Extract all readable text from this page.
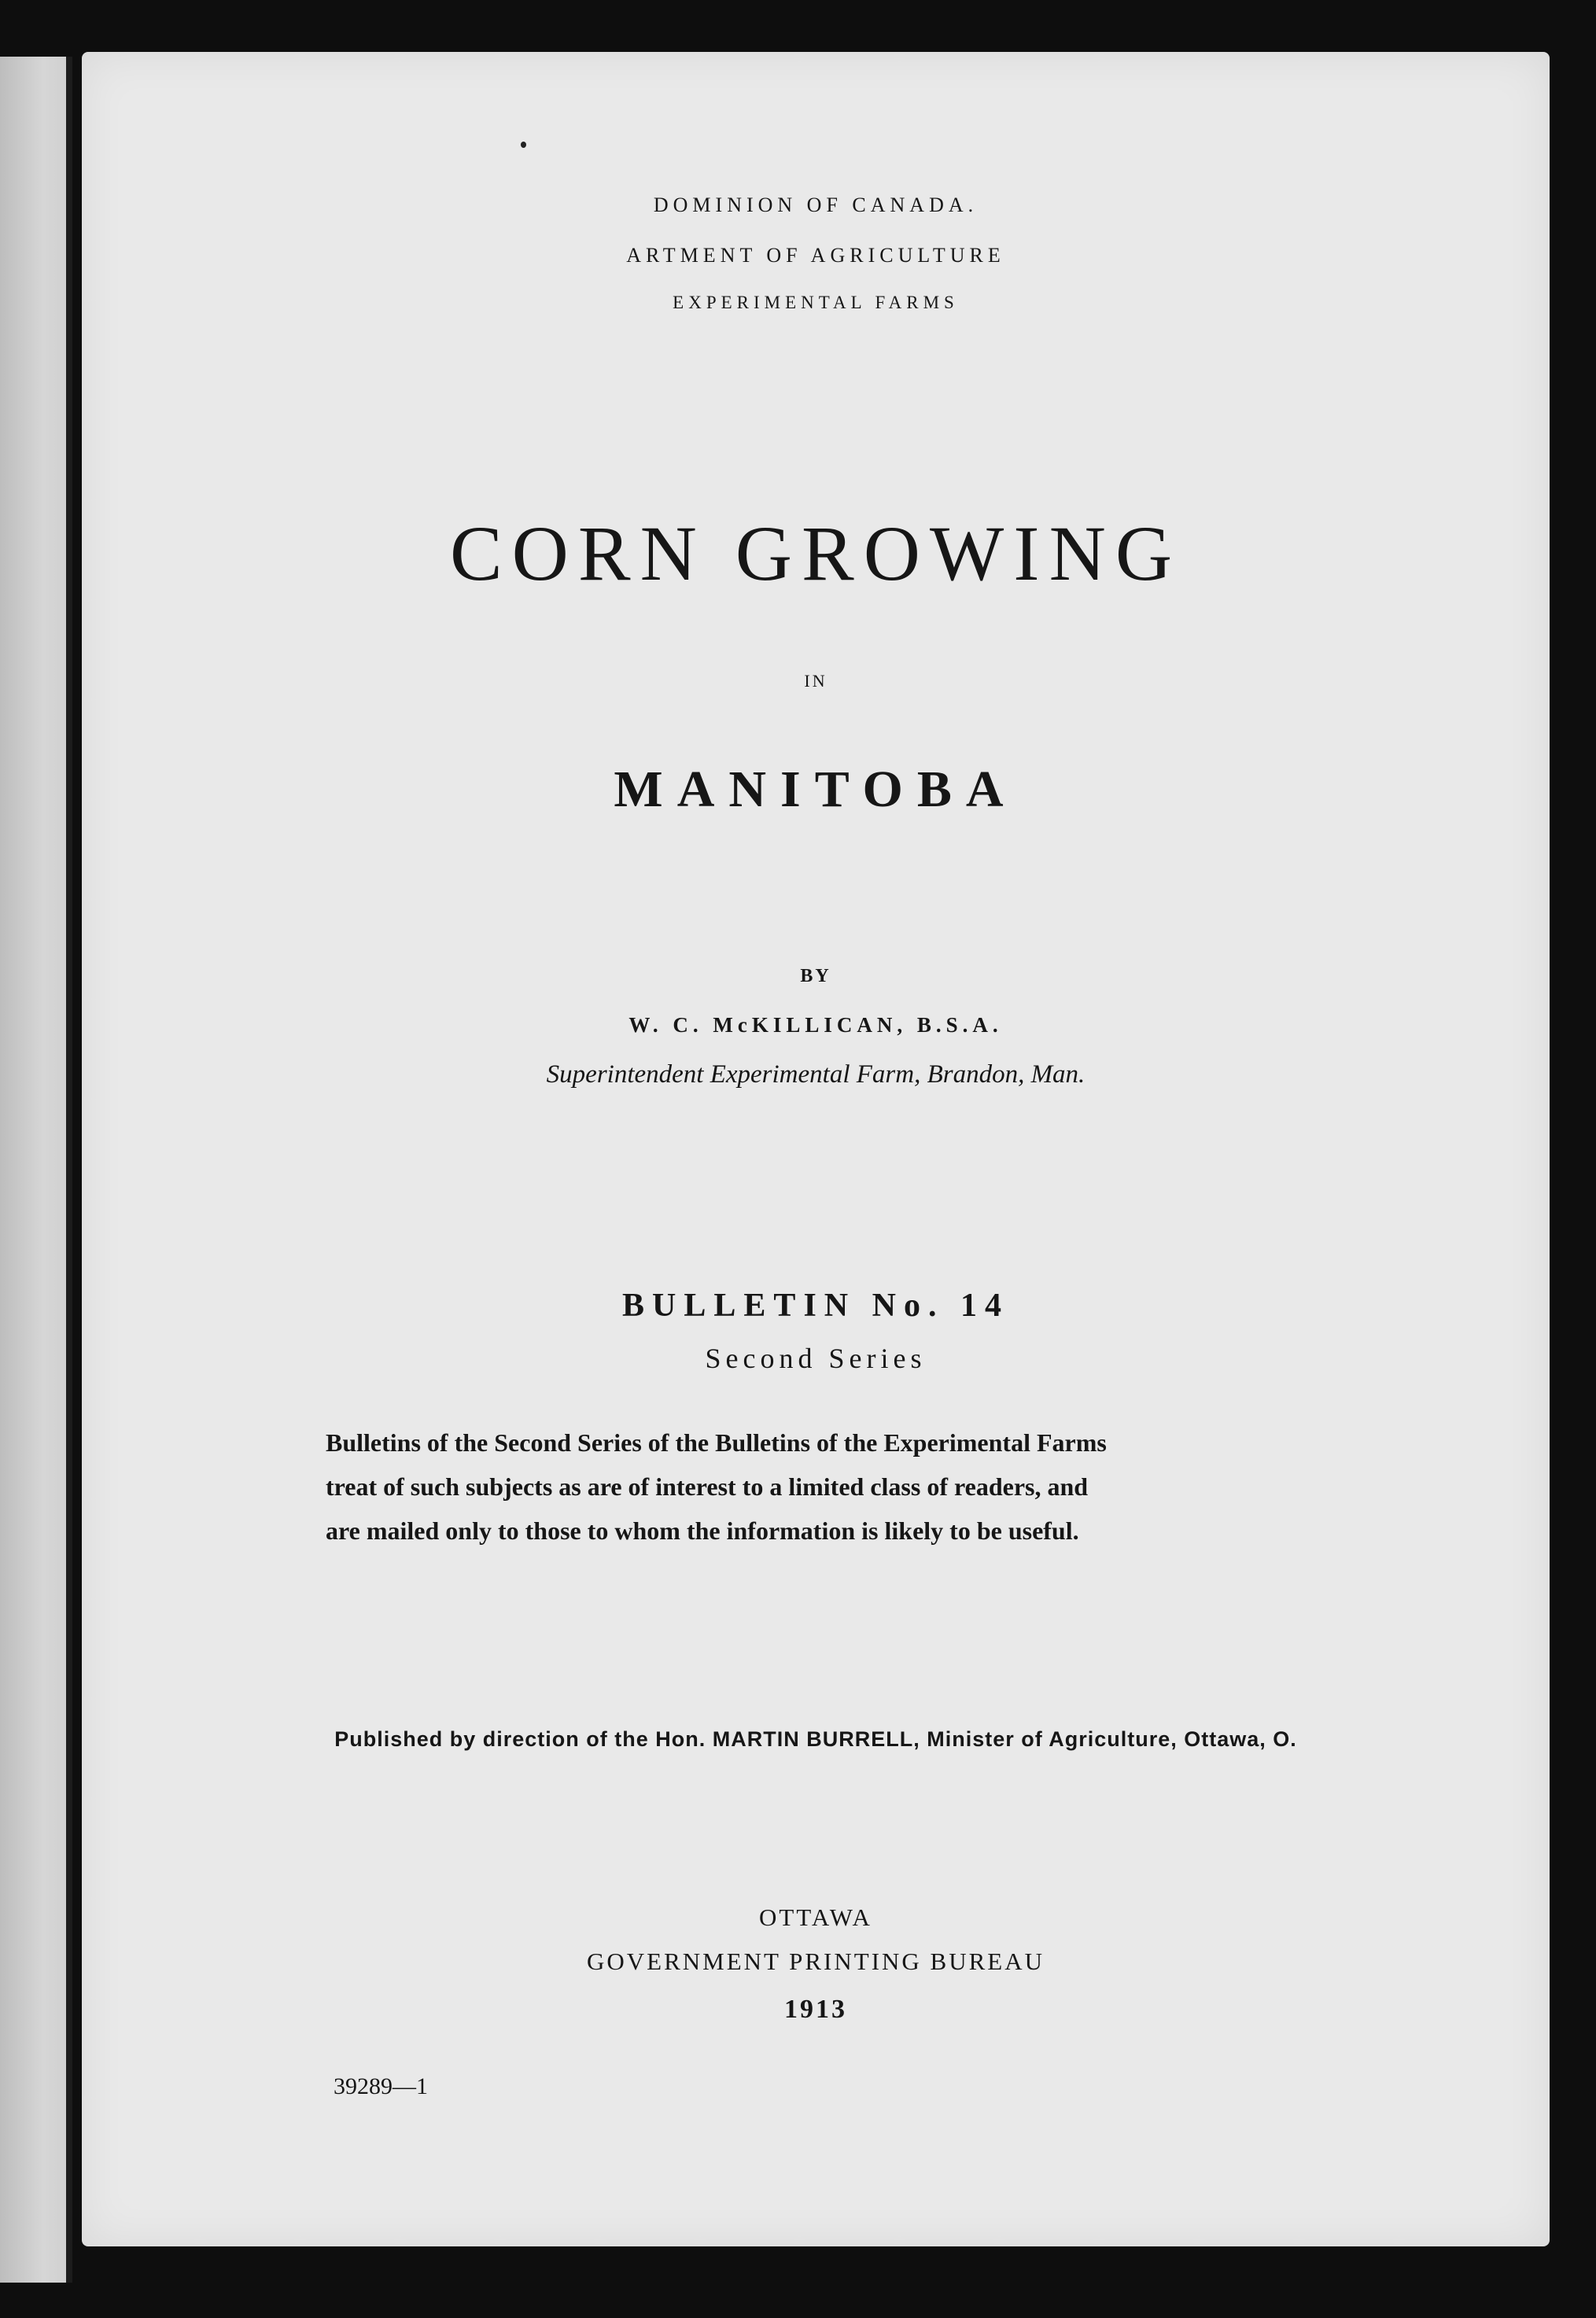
DOMINION OF CANADA.
ARTMENT OF AGRICULTURE
EXPERIMENTAL FARMS
CORN GROWING
IN
MANITOBA
BY
W. C. McKILLICAN, B.S.A.
Superintendent Experimental Farm, Brandon, Man.
BULLETIN No. 14
Second Series
Bulletins of the Second Series of the Bulletins of the Experimental Farms
treat of such subjects as are of interest to a limited class of readers, and
are mailed only to those to whom the information is likely to be useful.
Published by direction of the Hon. MARTIN BURRELL, Minister of Agriculture, Ottawa, O.
OTTAWA
GOVERNMENT PRINTING BUREAU
1913
39289—1
